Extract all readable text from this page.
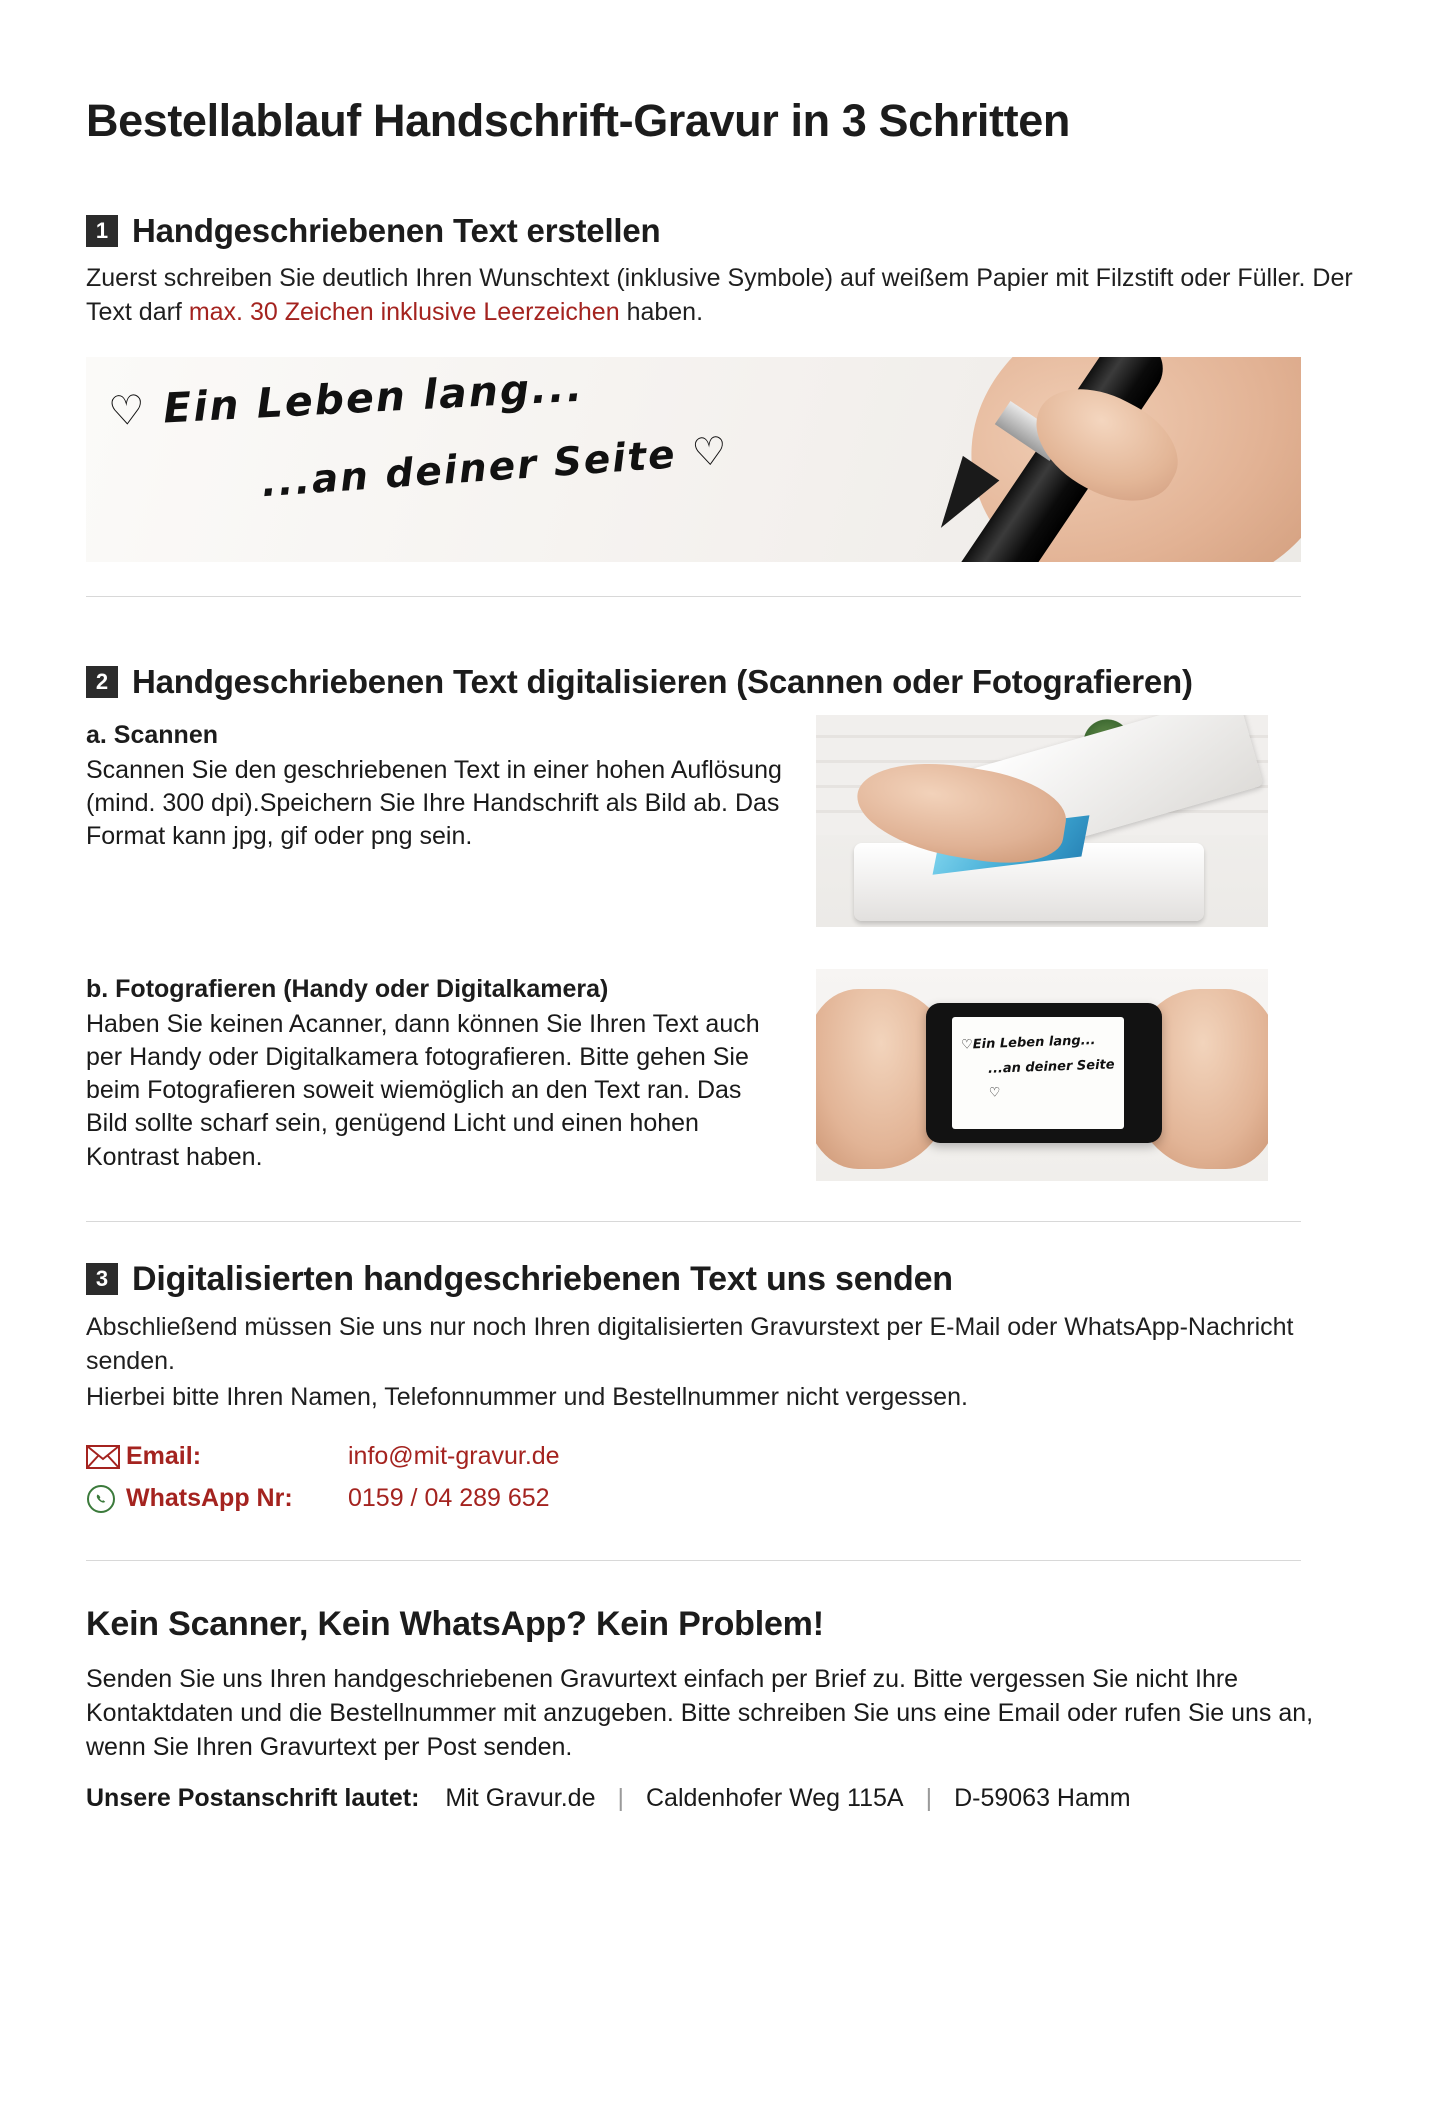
Bestellablauf Handschrift-Gravur in 3 Schritten
1 Handgeschriebenen Text erstellen
Zuerst schreiben Sie deutlich Ihren Wunschtext (inklusive Symbole) auf weißem Papier mit Filzstift oder Füller. Der Text darf max. 30 Zeichen inklusive Leerzeichen haben.
♡ Ein Leben lang...
...an deiner Seite ♡
2 Handgeschriebenen Text digitalisieren (Scannen oder Fotografieren)
a. Scannen

Scannen Sie den geschriebenen Text in einer hohen Auflösung (mind. 300 dpi).Speichern Sie Ihre Handschrift als Bild ab. Das Format kann jpg, gif oder png sein.

b. Fotografieren (Handy oder Digitalkamera)

Haben Sie keinen Acanner, dann können Sie Ihren Text auch per Handy oder Digitalkamera fotografieren. Bitte gehen Sie beim Fotografieren soweit wiemöglich an den Text ran. Das Bild sollte scharf sein, genügend Licht und einen hohen Kontrast haben.

♡Ein Leben lang...
...an deiner Seite ♡
3 Digitalisierten handgeschriebenen Text uns senden
Abschließend müssen Sie uns nur noch Ihren digitalisierten Gravurstext per E-Mail oder WhatsApp-Nachricht senden.
Hierbei bitte Ihren Namen, Telefonnummer und Bestellnummer nicht vergessen.
Email:	info@mit-gravur.de
WhatsApp Nr:	0159 / 04 289 652
Kein Scanner, Kein WhatsApp? Kein Problem!
Senden Sie uns Ihren handgeschriebenen Gravurtext einfach per Brief zu. Bitte vergessen Sie nicht Ihre Kontaktdaten und die Bestellnummer mit anzugeben. Bitte schreiben Sie uns eine Email oder rufen Sie uns an, wenn Sie Ihren Gravurtext per Post senden.
Unsere Postanschrift lautet: Mit Gravur.de | Caldenhofer Weg 115A | D-59063 Hamm
